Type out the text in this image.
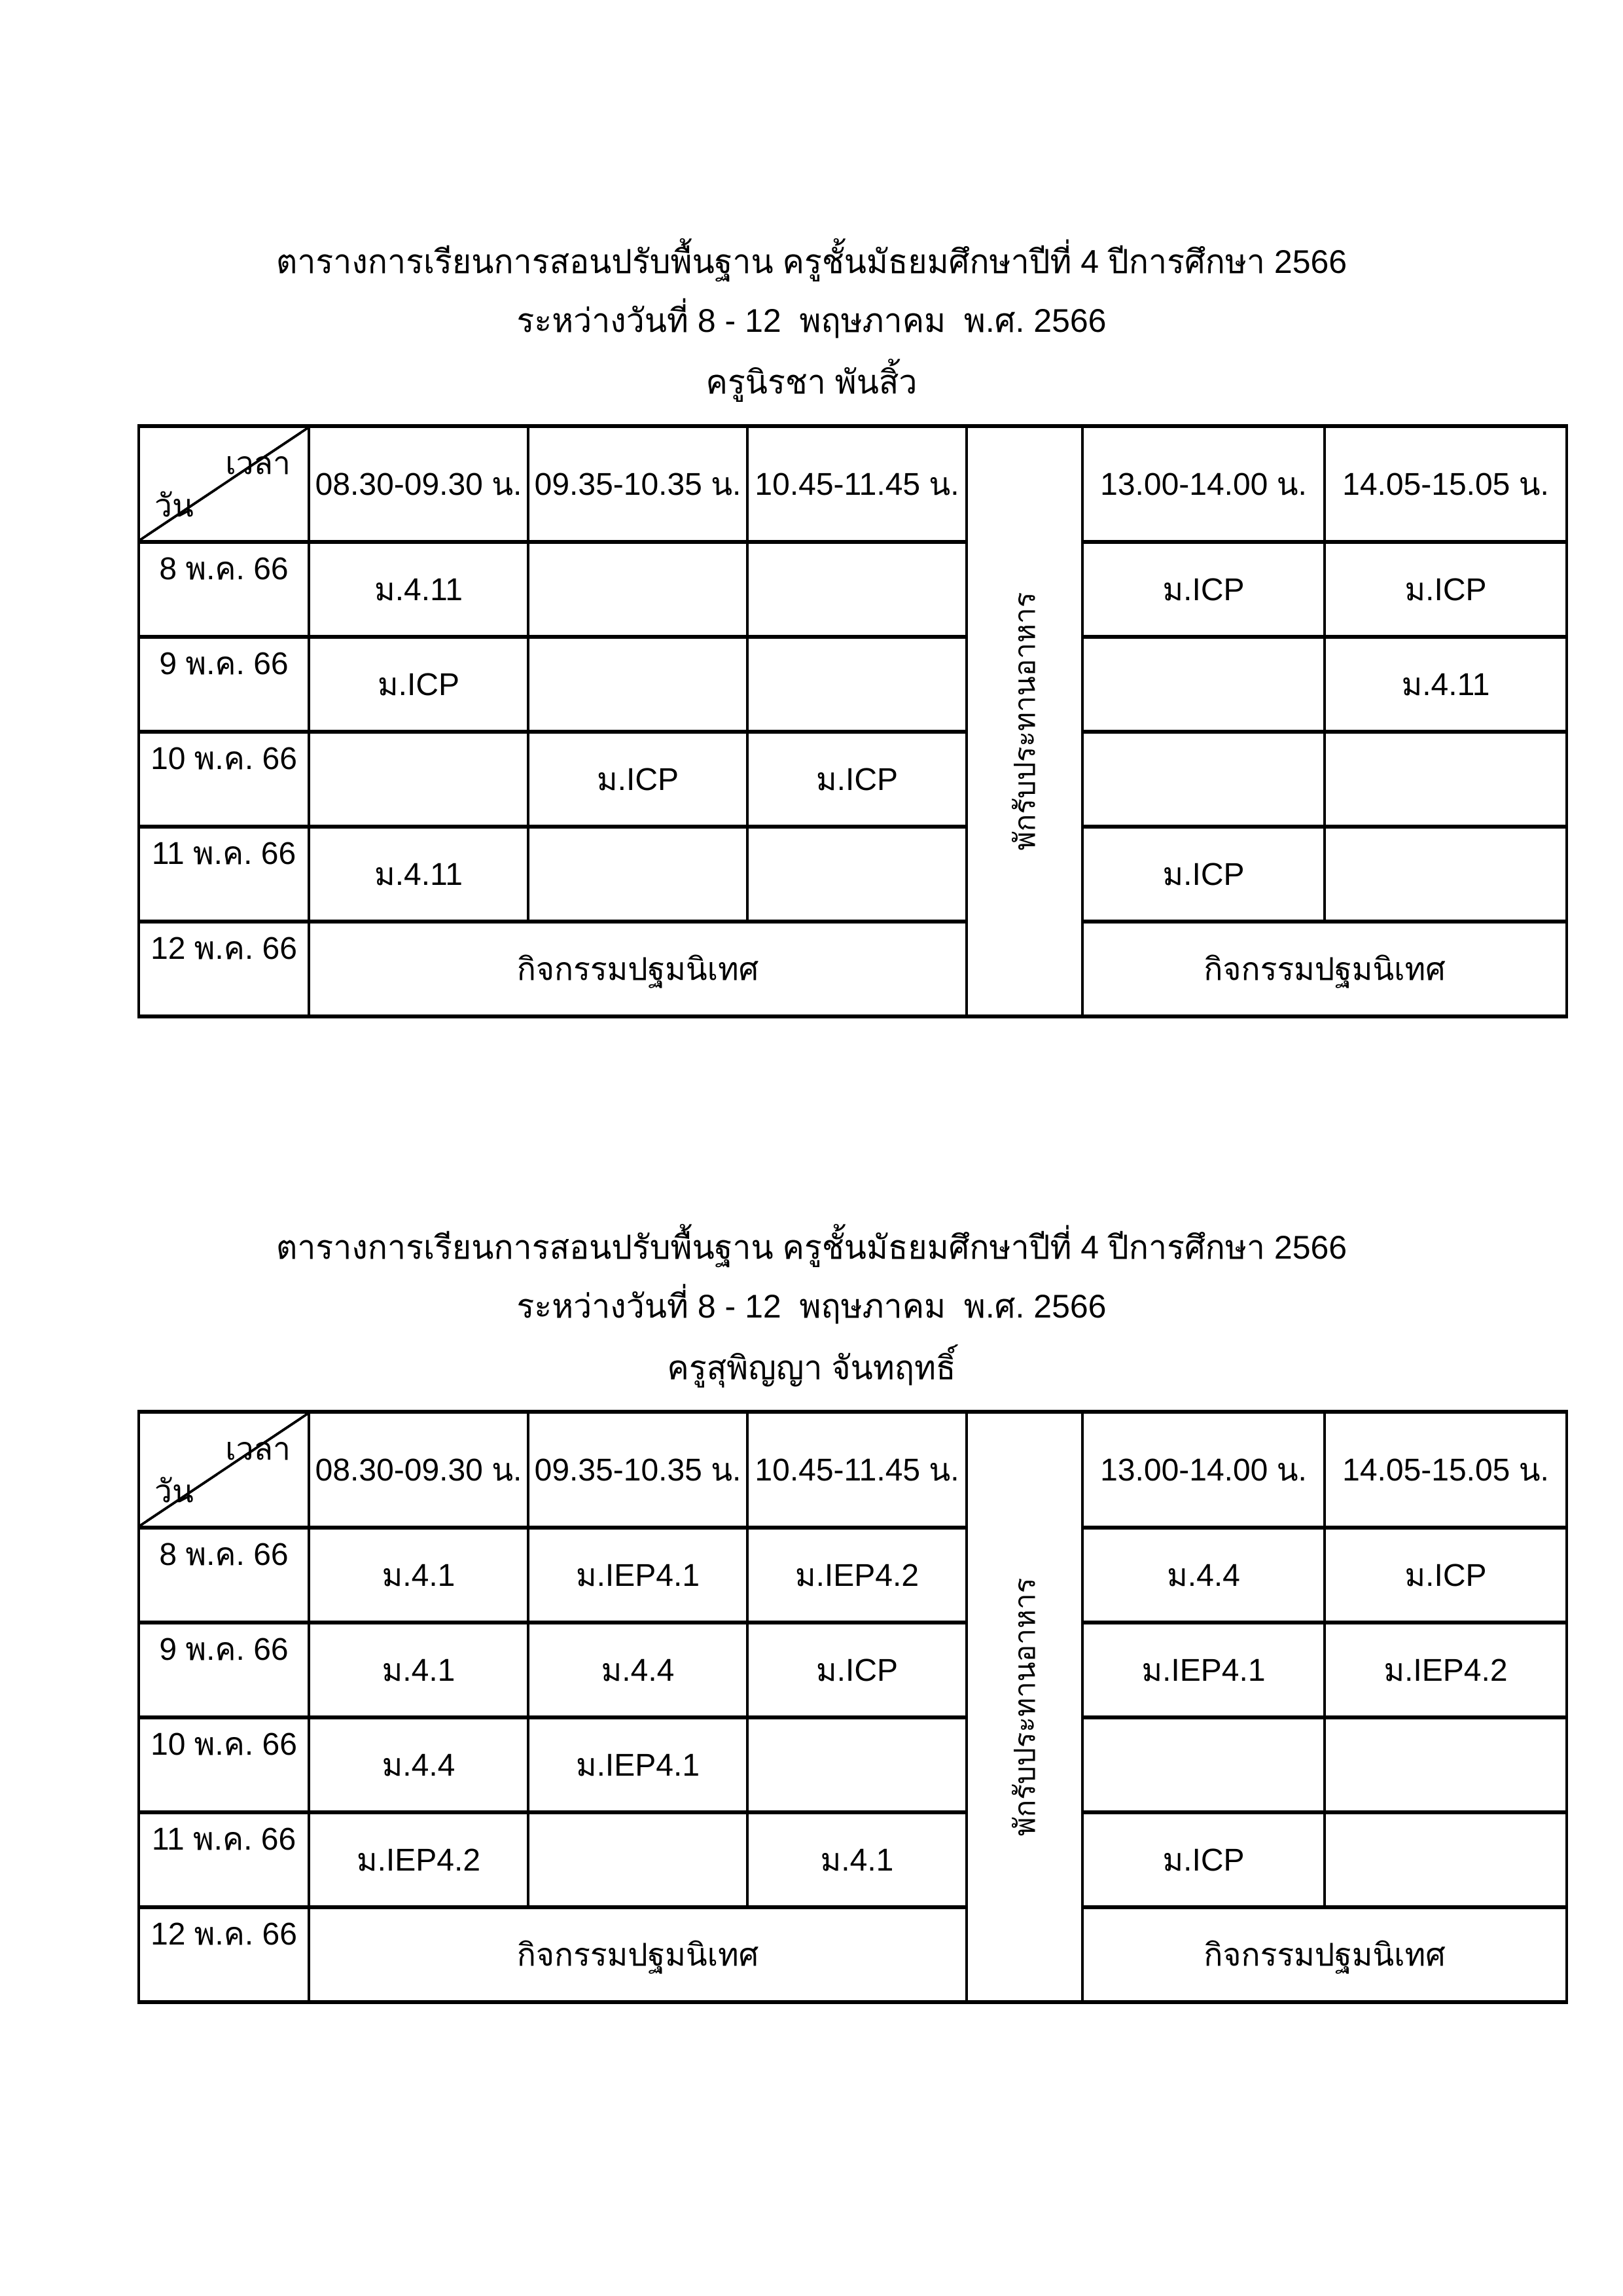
ตารางการเรียนการสอนปรับพื้นฐาน ครูชั้นมัธยมศึกษาปีที่ 4 ปีการศึกษา 2566
ระหว่างวันที่ 8 - 12  พฤษภาคม  พ.ศ. 2566
ครูนิรชา พันสิ้ว
เวลา
วัน	08.30-09.30 น.	09.35-10.35 น.	10.45-11.45 น.	พักรับประทานอาหาร	13.00-14.00 น.	14.05-15.05 น.
8 พ.ค. 66	ม.4.11				ม.ICP	ม.ICP
9 พ.ค. 66	ม.ICP					ม.4.11
10 พ.ค. 66		ม.ICP	ม.ICP			
11 พ.ค. 66	ม.4.11				ม.ICP	
12 พ.ค. 66	กิจกรรมปฐมนิเทศ				กิจกรรมปฐมนิเทศ	
ตารางการเรียนการสอนปรับพื้นฐาน ครูชั้นมัธยมศึกษาปีที่ 4 ปีการศึกษา 2566
ระหว่างวันที่ 8 - 12  พฤษภาคม  พ.ศ. 2566
ครูสุพิญญา จันทฤทธิ์
เวลา
วัน	08.30-09.30 น.	09.35-10.35 น.	10.45-11.45 น.	พักรับประทานอาหาร	13.00-14.00 น.	14.05-15.05 น.
8 พ.ค. 66	ม.4.1	ม.IEP4.1	ม.IEP4.2		ม.4.4	ม.ICP
9 พ.ค. 66	ม.4.1	ม.4.4	ม.ICP		ม.IEP4.1	ม.IEP4.2
10 พ.ค. 66	ม.4.4	ม.IEP4.1				
11 พ.ค. 66	ม.IEP4.2		ม.4.1		ม.ICP	
12 พ.ค. 66	กิจกรรมปฐมนิเทศ				กิจกรรมปฐมนิเทศ	
